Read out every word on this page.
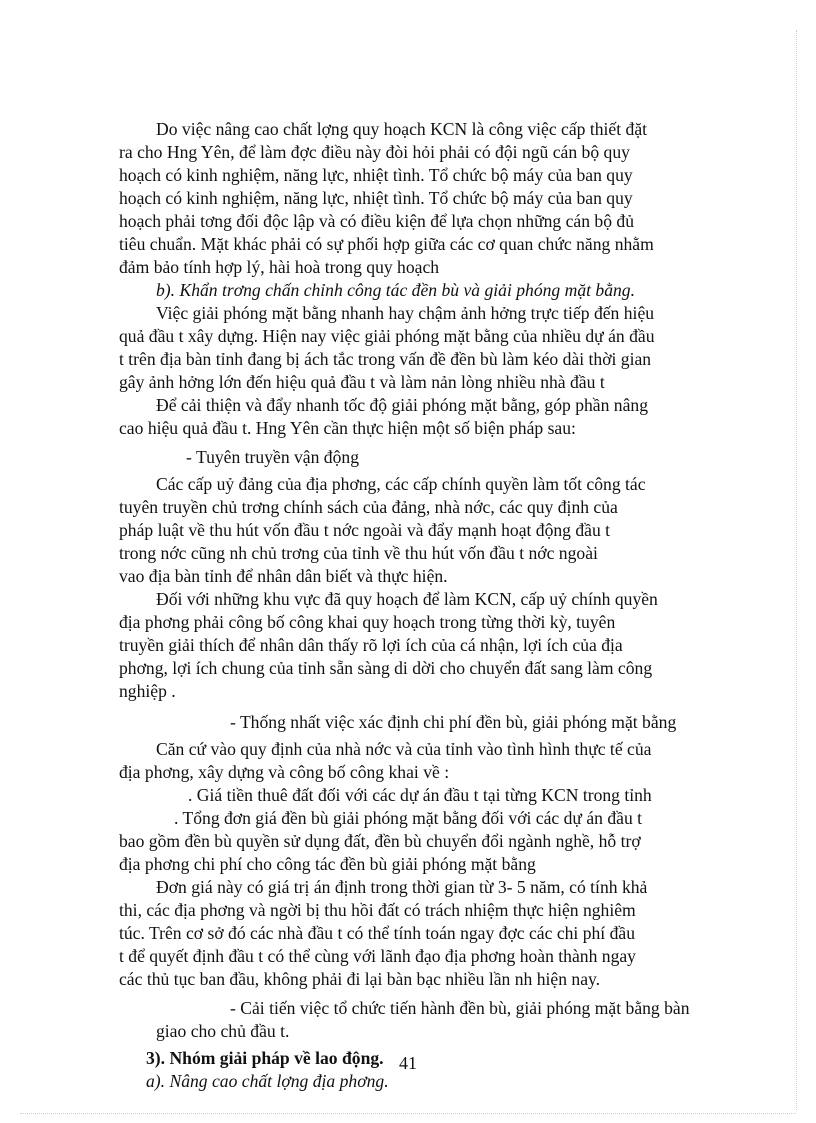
Do việc nâng cao chất lợng quy hoạch KCN là công việc cấp thiết đặt
ra cho Hng Yên, để làm đợc điều này đòi hỏi phải có đội ngũ cán bộ quy
hoạch có kinh nghiệm, năng lực, nhiệt tình. Tổ chức bộ máy của ban quy
hoạch có kinh nghiệm, năng lực, nhiệt tình. Tổ chức bộ máy của ban quy
hoạch phải tơng đối độc lập và có điều kiện để lựa chọn những cán bộ đủ
tiêu chuẩn. Mặt khác phải có sự phối hợp giữa các cơ quan chức năng nhằm
đảm bảo tính hợp lý, hài hoà trong quy hoạch
b). Khẩn trơng chấn chỉnh công tác đền bù và giải phóng mặt bằng.
Việc giải phóng mặt bằng nhanh hay chậm ảnh hởng trực tiếp đến hiệu
quả đầu t xây dựng. Hiện nay việc giải phóng mặt bằng của nhiều dự án đầu
t trên địa bàn tỉnh đang bị ách tắc trong vấn đề đền bù làm kéo dài thời gian
gây ảnh hởng lớn đến hiệu quả đầu t và làm nản lòng nhiều nhà đầu t
Để cải thiện và đẩy nhanh tốc độ giải phóng mặt bằng, góp phần nâng
cao hiệu quả đầu t. Hng Yên cần thực hiện một số biện pháp sau:
- Tuyên truyền vận động
Các cấp uỷ đảng của địa phơng, các cấp chính quyền làm tốt công tác
tuyên truyền chủ trơng chính sách của đảng, nhà nớc, các quy định của
pháp luật về thu hút vốn đầu t nớc ngoài và đẩy mạnh hoạt động đầu t
trong nớc cũng nh chủ trơng của tỉnh về thu hút vốn đầu t nớc ngoài
vao địa bàn tỉnh để nhân dân biết và thực hiện.
Đối với những khu vực đã quy hoạch để làm KCN, cấp uỷ chính quyền
địa phơng phải công bố công khai quy hoạch trong từng thời kỳ, tuyên
truyền giải thích để nhân dân thấy rõ lợi ích của cá nhận, lợi ích của địa
phơng, lợi ích chung của tỉnh sẵn sàng di dời cho chuyển đất sang làm công
nghiệp .
- Thống nhất việc xác định chi phí đền bù, giải phóng mặt bằng
Căn cứ vào quy định của nhà nớc và của tỉnh vào tình hình thực tế của
địa phơng, xây dựng và công bố công khai về :
. Giá tiền thuê đất đối với các dự án đầu t tại từng KCN trong tỉnh
. Tổng đơn giá đền bù giải phóng mặt bằng đối với các dự án đầu t
bao gồm đền bù quyền sử dụng đất, đền bù chuyển đổi ngành nghề, hỗ trợ
địa phơng chi phí cho công tác đền bù giải phóng mặt bằng
Đơn giá này có giá trị án định trong thời gian từ 3- 5 năm, có tính khả
thi, các địa phơng và ngời bị thu hồi đất có trách nhiệm thực hiện nghiêm
túc. Trên cơ sở đó các nhà đầu t có thể tính toán ngay đợc các chi phí đầu
t để quyết định đầu t có thể cùng với lãnh đạo địa phơng hoàn thành ngay
các thủ tục ban đầu, không phải đi lại bàn bạc nhiều lần nh hiện nay.
- Cải tiến việc tổ chức tiến hành đền bù, giải phóng mặt bằng bàn
giao cho chủ đầu t.
3). Nhóm giải pháp về lao động.
a). Nâng cao chất lợng địa phơng.
41
